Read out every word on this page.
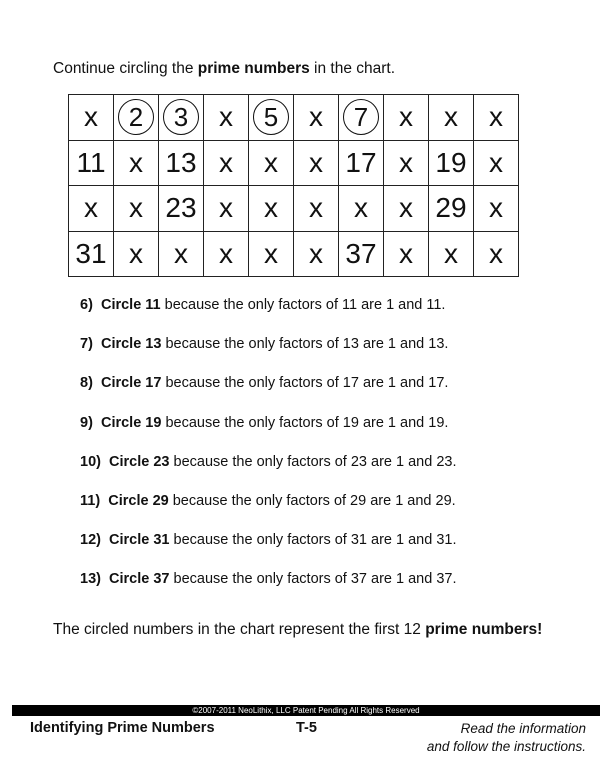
Continue circling the prime numbers in the chart.
x	2	3	x	5	x	7	x	x	x
11	x	13	x	x	x	17	x	19	x
x	x	23	x	x	x	x	x	29	x
31	x	x	x	x	x	37	x	x	x
6) Circle 11 because the only factors of 11 are 1 and 11.
7) Circle 13 because the only factors of 13 are 1 and 13.
8) Circle 17 because the only factors of 17 are 1 and 17.
9) Circle 19 because the only factors of 19 are 1 and 19.
10) Circle 23 because the only factors of 23 are 1 and 23.
11) Circle 29 because the only factors of 29 are 1 and 29.
12) Circle 31 because the only factors of 31 are 1 and 31.
13) Circle 37 because the only factors of 37 are 1 and 37.
The circled numbers in the chart represent the first 12 prime numbers!
©2007-2011 NeoLithix, LLC Patent Pending All Rights Reserved
Identifying Prime Numbers	T-5	Read the information
and follow the instructions.
